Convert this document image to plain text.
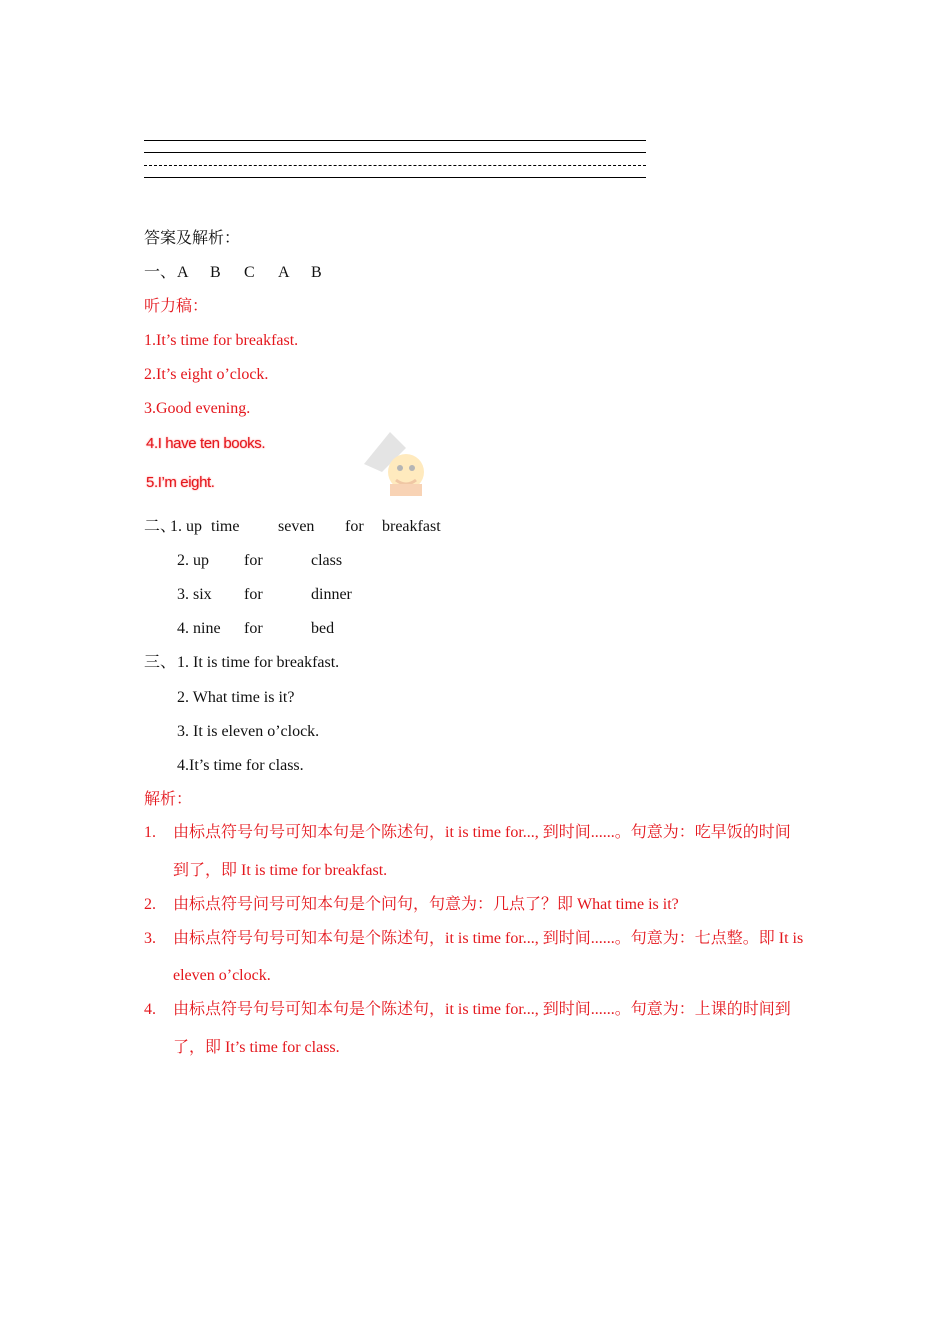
答案及解析：
一、 A B C A B
听力稿：
1.It’s time for breakfast.
2.It’s eight o’clock.
3.Good evening.
4.I have ten books.
5.I’m eight.
二、
1. up time seven for breakfast
2. up for	class
3. six for	dinner
4. nine for	bed
三、 1. It is time for breakfast.
2. What time is it?
3. It is eleven o’clock.
4.It’s time for class.
解析：
1. 由标点符号句号可知本句是个陈述句，it is time for..., 到时间......。句意为：吃早饭的时间
到了，即 It is time for breakfast.
2. 由标点符号问号可知本句是个问句，句意为：几点了？即 What time is it?
3. 由标点符号句号可知本句是个陈述句，it is time for..., 到时间......。句意为：七点整。即 It is
eleven o’clock.
4. 由标点符号句号可知本句是个陈述句，it is time for..., 到时间......。句意为：上课的时间到
了，即 It’s time for class.
